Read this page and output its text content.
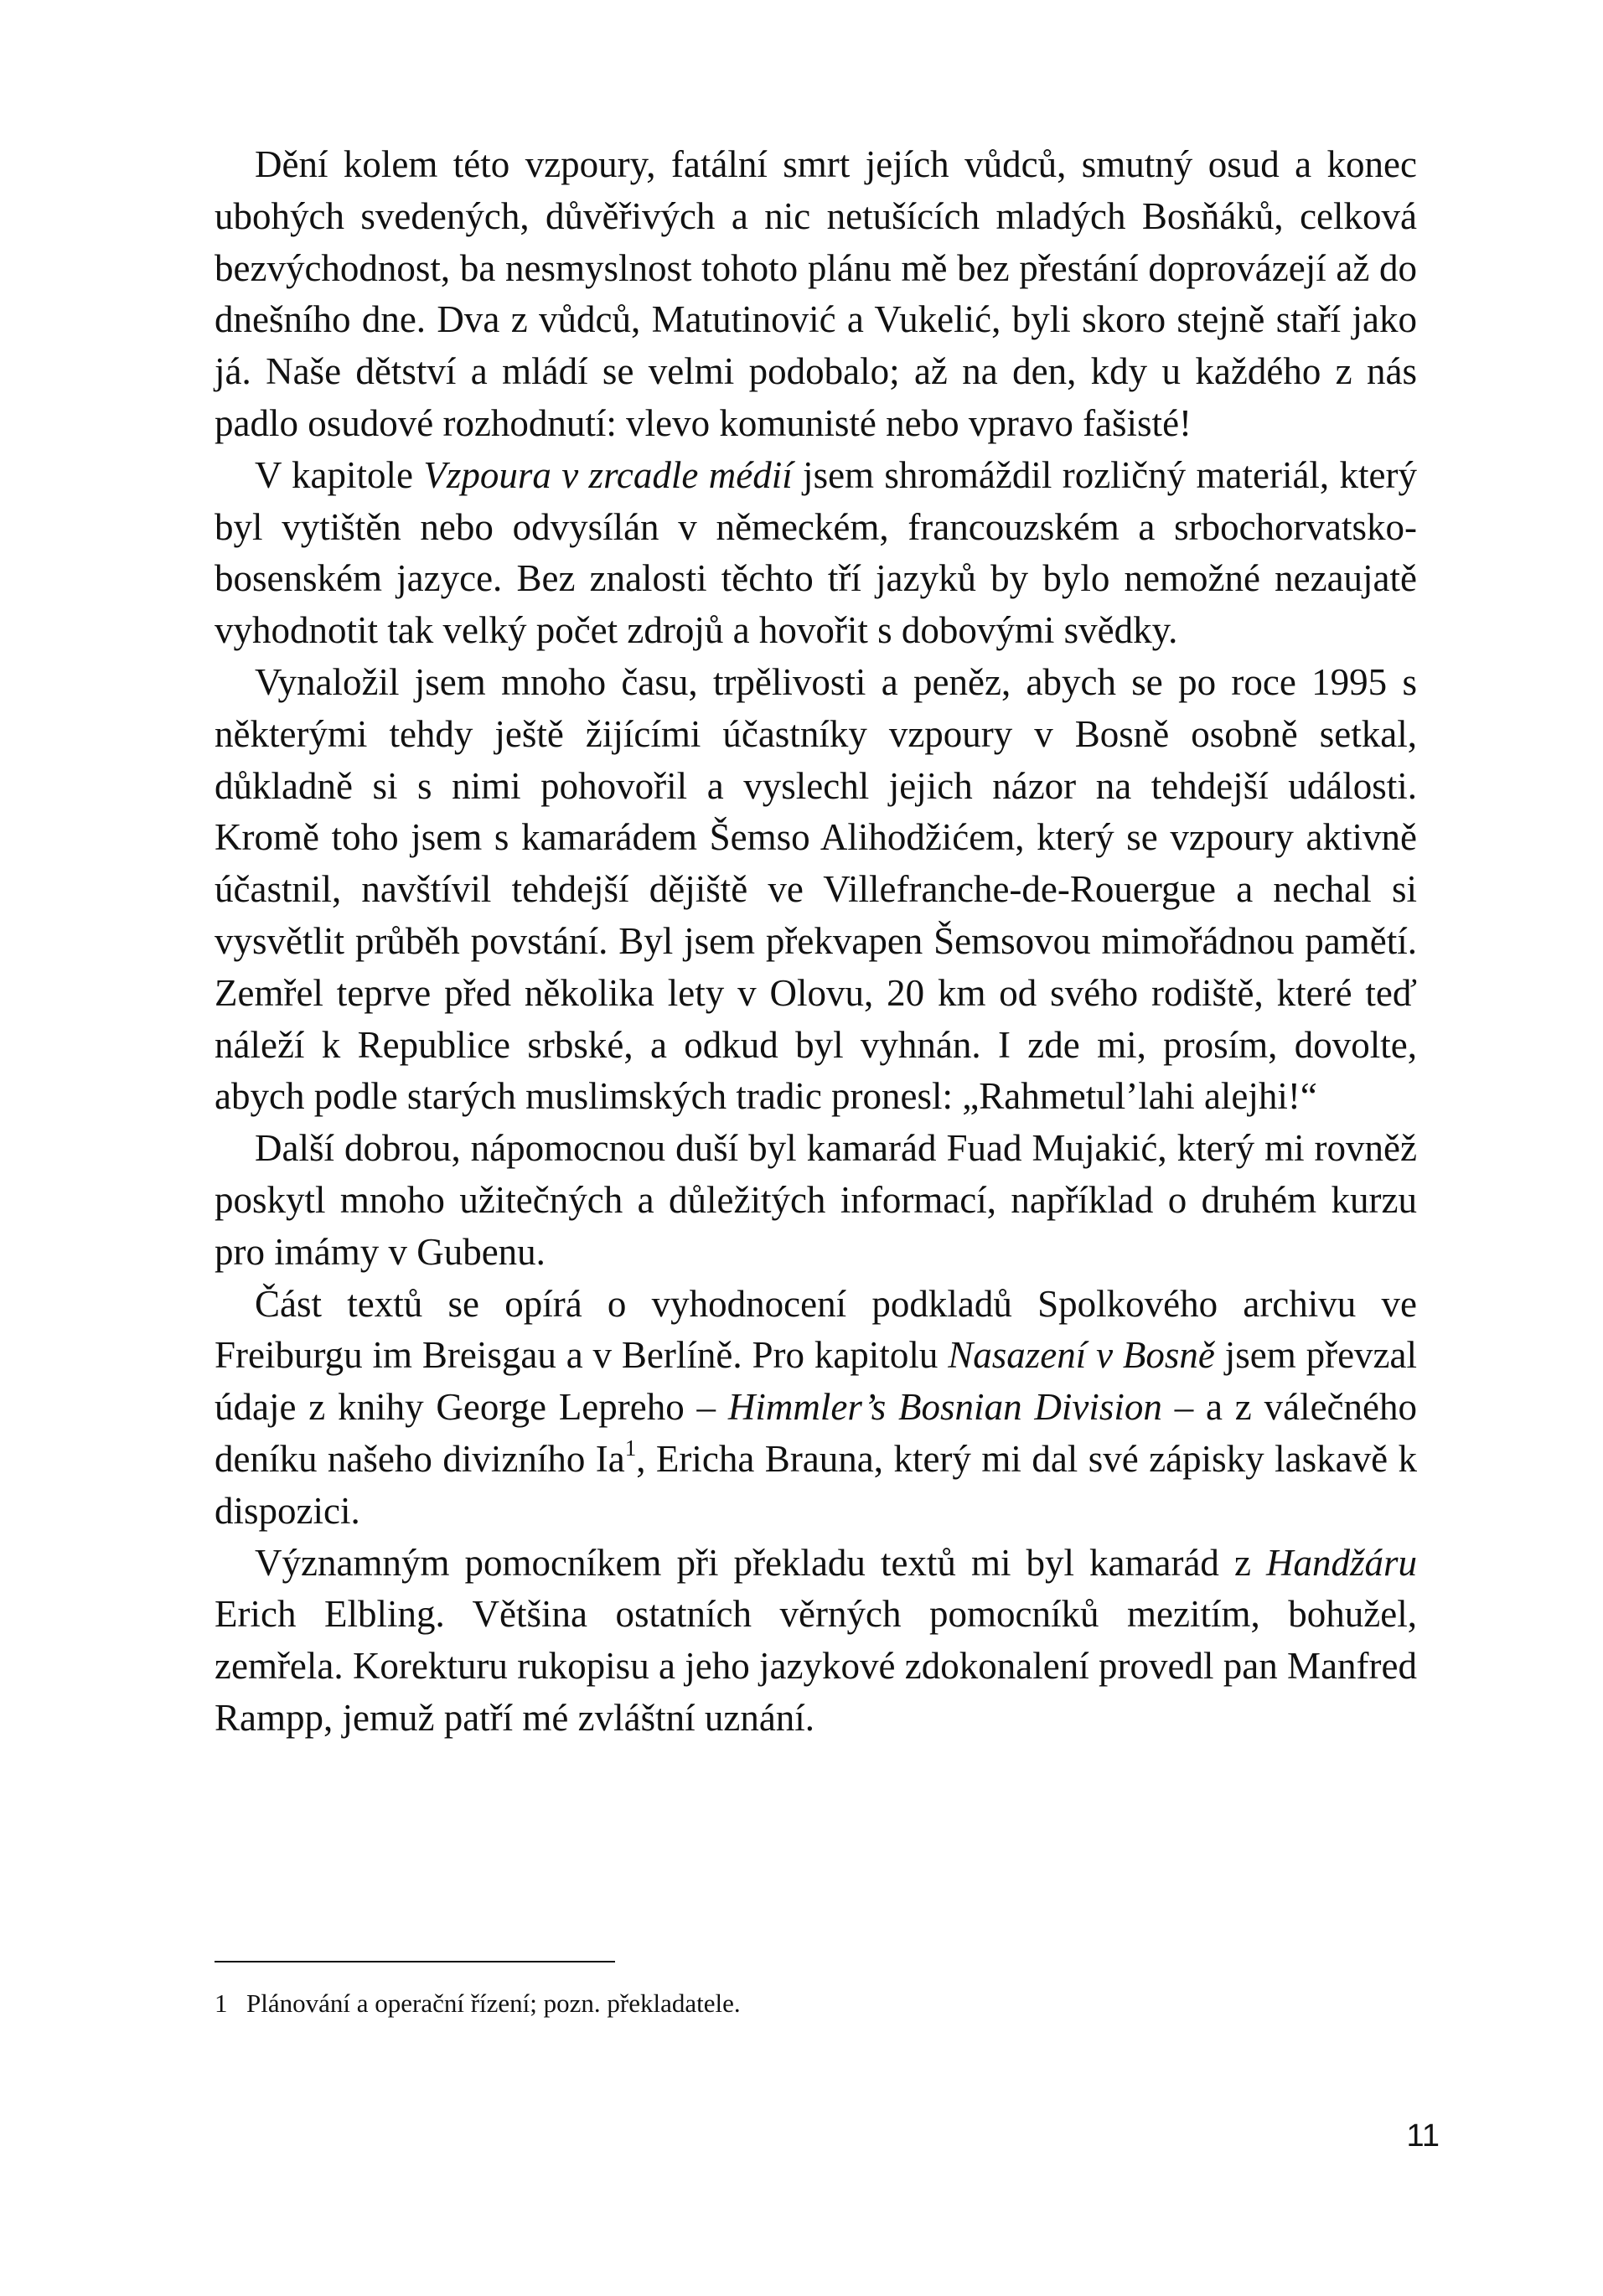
Dění kolem této vzpoury, fatální smrt jejích vůdců, smutný osud a konec ubohých svedených, důvěřivých a nic netušících mladých Bosňáků, celková bezvýchodnost, ba nesmyslnost tohoto plánu mě bez přestání doprovázejí až do dnešního dne. Dva z vůdců, Matutinović a Vukelić, byli skoro stejně staří jako já. Naše dětství a mládí se velmi podobalo; až na den, kdy u každého z nás padlo osudové rozhodnutí: vlevo komunisté nebo vpravo fašisté!

V kapitole Vzpoura v zrcadle médií jsem shromáždil rozličný materiál, který byl vytištěn nebo odvysílán v německém, francouzském a srbochorvatsko-bosenském jazyce. Bez znalosti těchto tří jazyků by bylo nemožné nezaujatě vyhodnotit tak velký počet zdrojů a hovořit s dobovými svědky.

Vynaložil jsem mnoho času, trpělivosti a peněz, abych se po roce 1995 s některými tehdy ještě žijícími účastníky vzpoury v Bosně osobně setkal, důkladně si s nimi pohovořil a vyslechl jejich názor na tehdejší události. Kromě toho jsem s kamarádem Šemso Alihodžićem, který se vzpoury aktivně účastnil, navštívil tehdejší dějiště ve Villefranche-de-Rouergue a nechal si vysvětlit průběh povstání. Byl jsem překvapen Šemsovou mimořádnou pamětí. Zemřel teprve před několika lety v Olovu, 20 km od svého rodiště, které teď náleží k Republice srbské, a odkud byl vyhnán. I zde mi, prosím, dovolte, abych podle starých muslimských tradic pronesl: „Rahmetul’lahi alejhi!“

Další dobrou, nápomocnou duší byl kamarád Fuad Mujakić, který mi rovněž poskytl mnoho užitečných a důležitých informací, například o druhém kurzu pro imámy v Gubenu.

Část textů se opírá o vyhodnocení podkladů Spolkového archivu ve Freiburgu im Breisgau a v Berlíně. Pro kapitolu Nasazení v Bosně jsem převzal údaje z knihy George Lepreho – Himmler’s Bosnian Division – a z válečného deníku našeho divizního Ia$^1$, Ericha Brauna, který mi dal své zápisky laskavě k dispozici.

Významným pomocníkem při překladu textů mi byl kamarád z Handžáru Erich Elbling. Většina ostatních věrných pomocníků mezitím, bohužel, zemřela. Korekturu rukopisu a jeho jazykové zdokonalení provedl pan Manfred Rampp, jemuž patří mé zvláštní uznání.

1 Plánování a operační řízení; pozn. překladatele.
11
